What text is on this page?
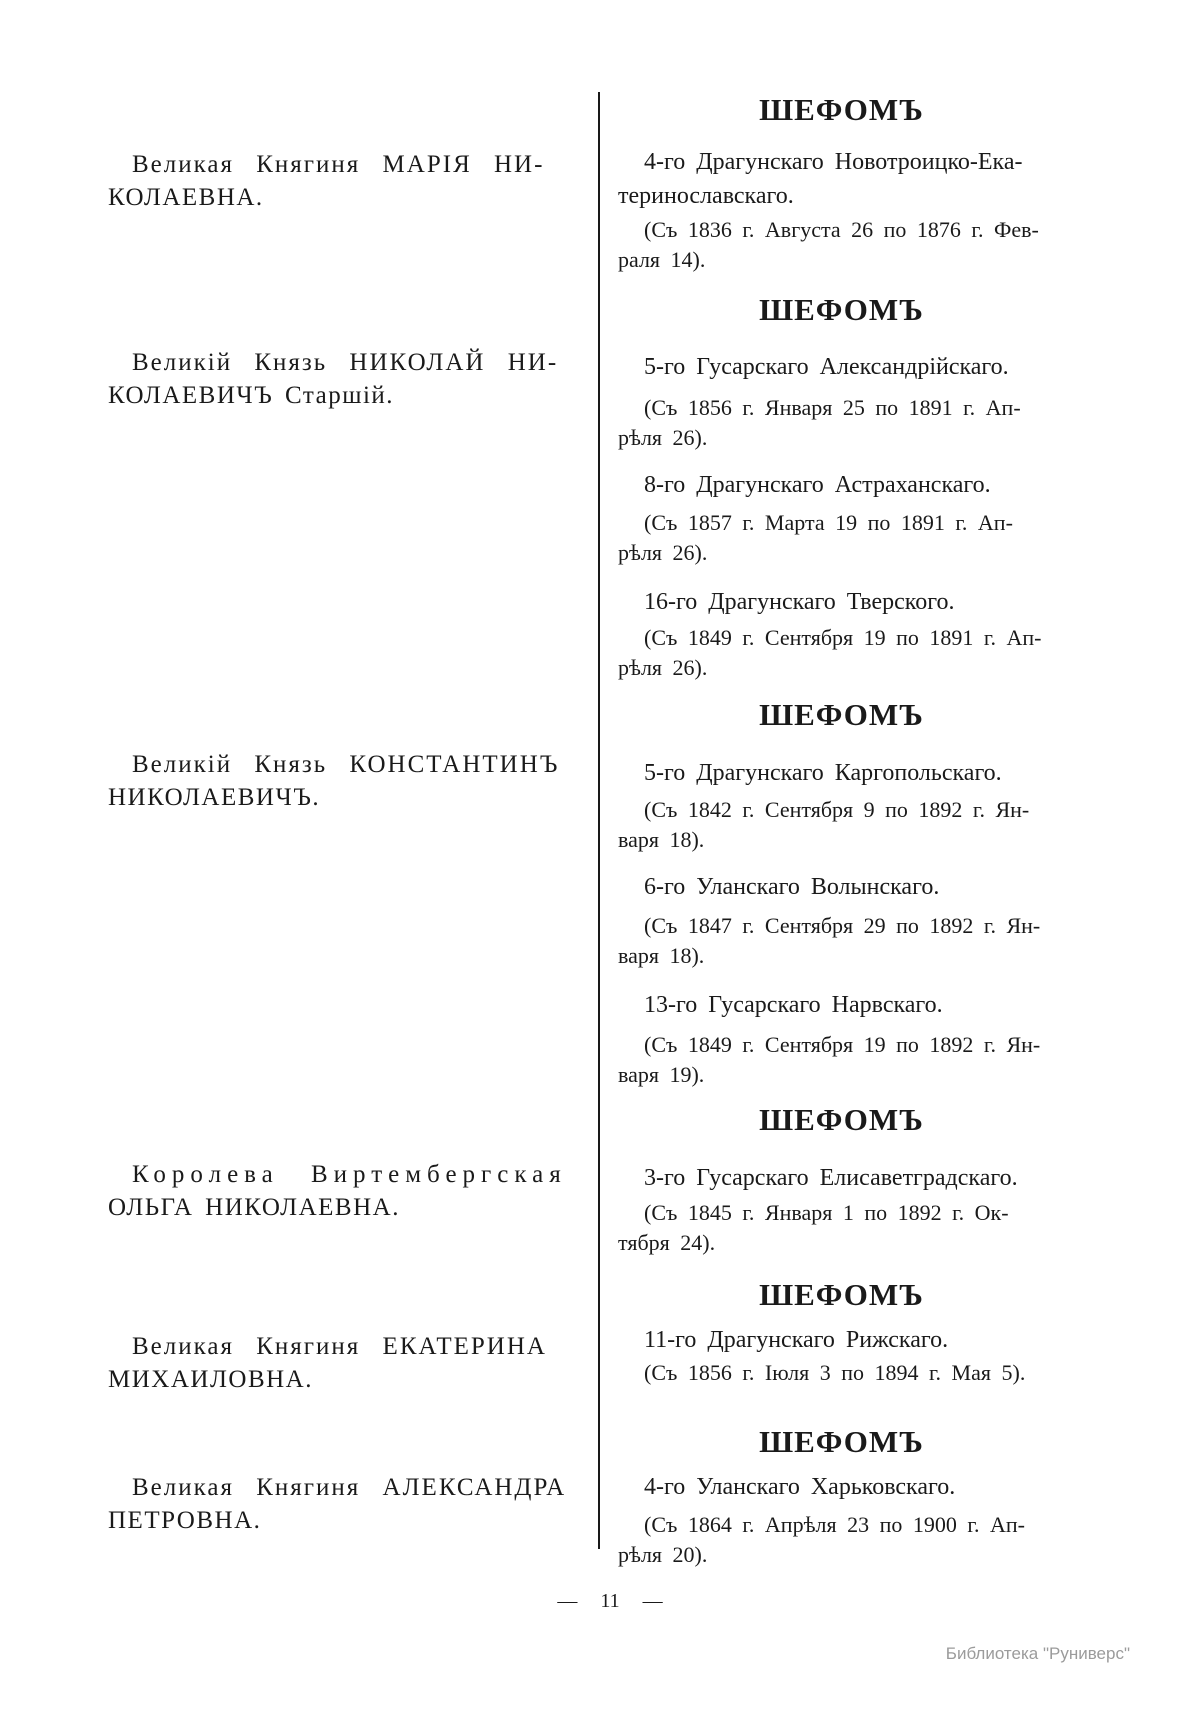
Великая Княгиня МАРІЯ НИ-
КОЛАЕВНА.
Великій Князь НИКОЛАЙ НИ-
КОЛАЕВИЧЪ Старшій.
Великій Князь КОНСТАНТИНЪ
НИКОЛАЕВИЧЪ.
Королева Виртембергская
ОЛЬГА НИКОЛАЕВНА.
Великая Княгиня ЕКАТЕРИНА
МИХАИЛОВНА.
Великая Княгиня АЛЕКСАНДРА
ПЕТРОВНА.
ШЕФОМЪ
4-го Драгунскаго Новотроицко-Ека-
теринославскаго.
(Съ 1836 г. Августа 26 по 1876 г. Фев-
раля 14).
ШЕФОМЪ
5-го Гусарскаго Александрійскаго.
(Съ 1856 г. Января 25 по 1891 г. Ап-
рѣля 26).
8-го Драгунскаго Астраханскаго.
(Съ 1857 г. Марта 19 по 1891 г. Ап-
рѣля 26).
16-го Драгунскаго Тверского.
(Съ 1849 г. Сентября 19 по 1891 г. Ап-
рѣля 26).
ШЕФОМЪ
5-го Драгунскаго Каргопольскаго.
(Съ 1842 г. Сентября 9 по 1892 г. Ян-
варя 18).
6-го Уланскаго Волынскаго.
(Съ 1847 г. Сентября 29 по 1892 г. Ян-
варя 18).
13-го Гусарскаго Нарвскаго.
(Съ 1849 г. Сентября 19 по 1892 г. Ян-
варя 19).
ШЕФОМЪ
3-го Гусарскаго Елисаветградскаго.
(Съ 1845 г. Января 1 по 1892 г. Ок-
тября 24).
ШЕФОМЪ
11-го Драгунскаго Рижскаго.
(Съ 1856 г. Іюля 3 по 1894 г. Мая 5).
ШЕФОМЪ
4-го Уланскаго Харьковскаго.
(Съ 1864 г. Апрѣля 23 по 1900 г. Ап-
рѣля 20).
— 11 —
Библиотека "Руниверс"
